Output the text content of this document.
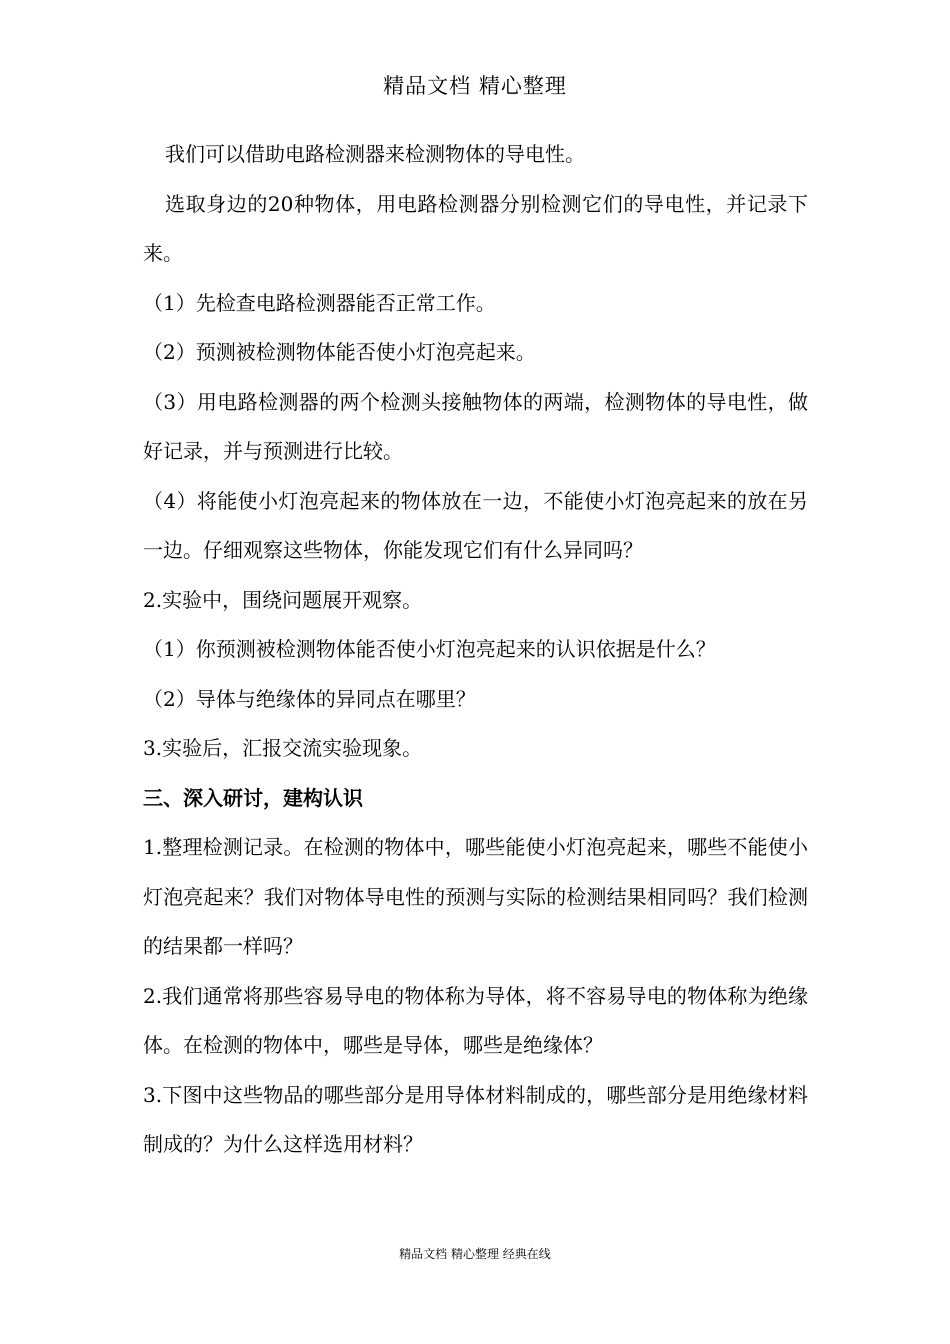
精品文档 精心整理

我们可以借助电路检测器来检测物体的导电性。

选取身边的20种物体，用电路检测器分别检测它们的导电性，并记录下来。

（1）先检查电路检测器能否正常工作。

（2）预测被检测物体能否使小灯泡亮起来。

（3）用电路检测器的两个检测头接触物体的两端，检测物体的导电性，做好记录，并与预测进行比较。

（4）将能使小灯泡亮起来的物体放在一边，不能使小灯泡亮起来的放在另一边。仔细观察这些物体，你能发现它们有什么异同吗？

2.实验中，围绕问题展开观察。

（1）你预测被检测物体能否使小灯泡亮起来的认识依据是什么？

（2）导体与绝缘体的异同点在哪里？

3.实验后，汇报交流实验现象。

三、深入研讨，建构认识

1.整理检测记录。在检测的物体中，哪些能使小灯泡亮起来，哪些不能使小灯泡亮起来？我们对物体导电性的预测与实际的检测结果相同吗？我们检测的结果都一样吗？

2.我们通常将那些容易导电的物体称为导体，将不容易导电的物体称为绝缘体。在检测的物体中，哪些是导体，哪些是绝缘体？

3.下图中这些物品的哪些部分是用导体材料制成的，哪些部分是用绝缘材料制成的？为什么这样选用材料？

精品文档 精心整理 经典在线
